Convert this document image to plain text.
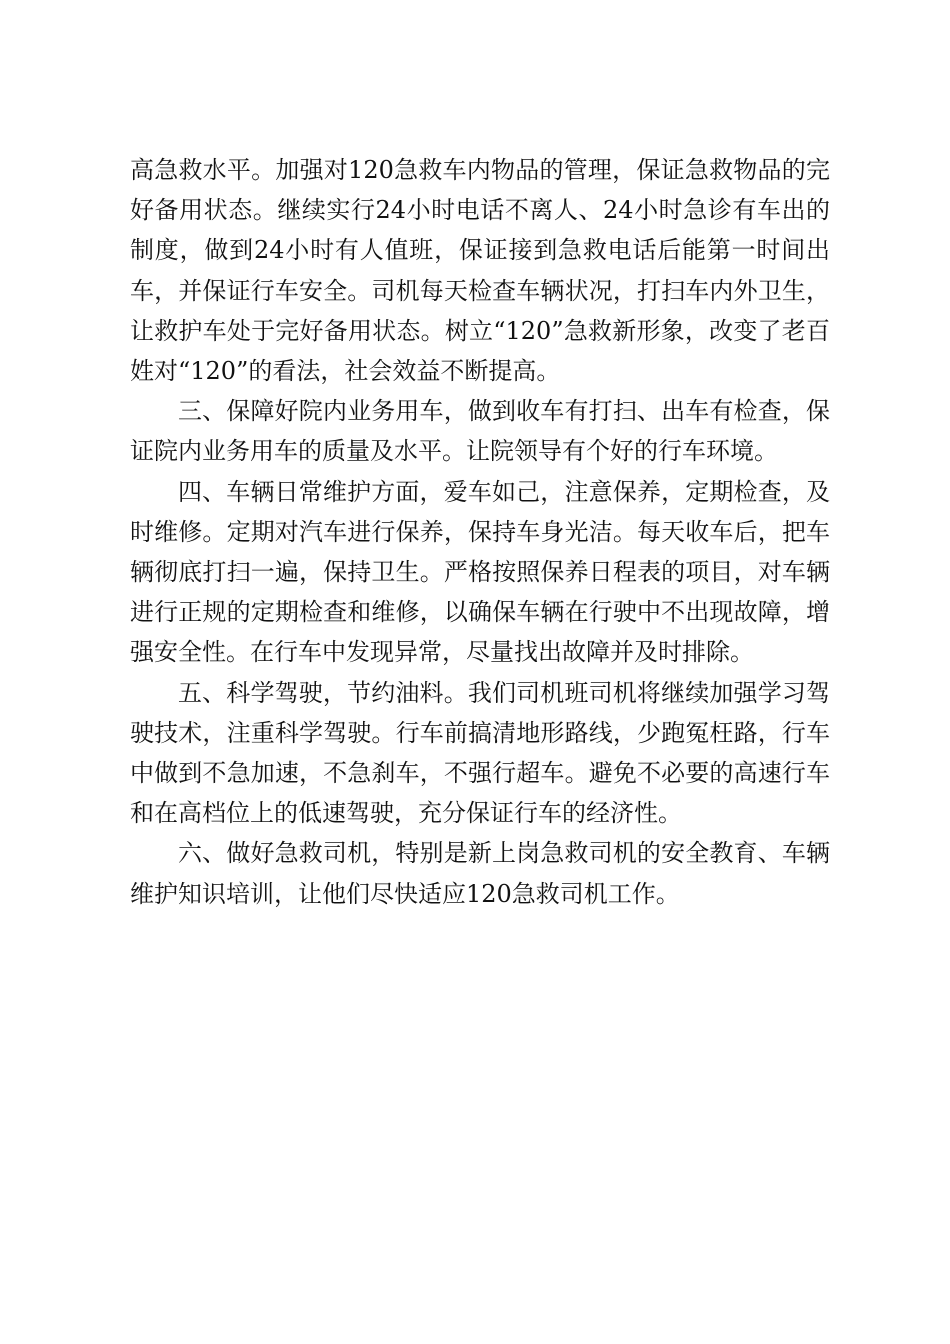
高急救水平。加强对120急救车内物品的管理，保证急救物品的完好备用状态。继续实行24小时电话不离人、24小时急诊有车出的制度，做到24小时有人值班，保证接到急救电话后能第一时间出车，并保证行车安全。司机每天检查车辆状况，打扫车内外卫生，让救护车处于完好备用状态。树立“120”急救新形象，改变了老百姓对“120”的看法，社会效益不断提高。

三、保障好院内业务用车，做到收车有打扫、出车有检查，保证院内业务用车的质量及水平。让院领导有个好的行车环境。

四、车辆日常维护方面，爱车如己，注意保养，定期检查，及时维修。定期对汽车进行保养，保持车身光洁。每天收车后，把车辆彻底打扫一遍，保持卫生。严格按照保养日程表的项目，对车辆进行正规的定期检查和维修，以确保车辆在行驶中不出现故障，增强安全性。在行车中发现异常，尽量找出故障并及时排除。

五、科学驾驶，节约油料。我们司机班司机将继续加强学习驾驶技术，注重科学驾驶。行车前搞清地形路线，少跑冤枉路，行车中做到不急加速，不急刹车，不强行超车。避免不必要的高速行车和在高档位上的低速驾驶，充分保证行车的经济性。

六、做好急救司机，特别是新上岗急救司机的安全教育、车辆维护知识培训，让他们尽快适应120急救司机工作。
